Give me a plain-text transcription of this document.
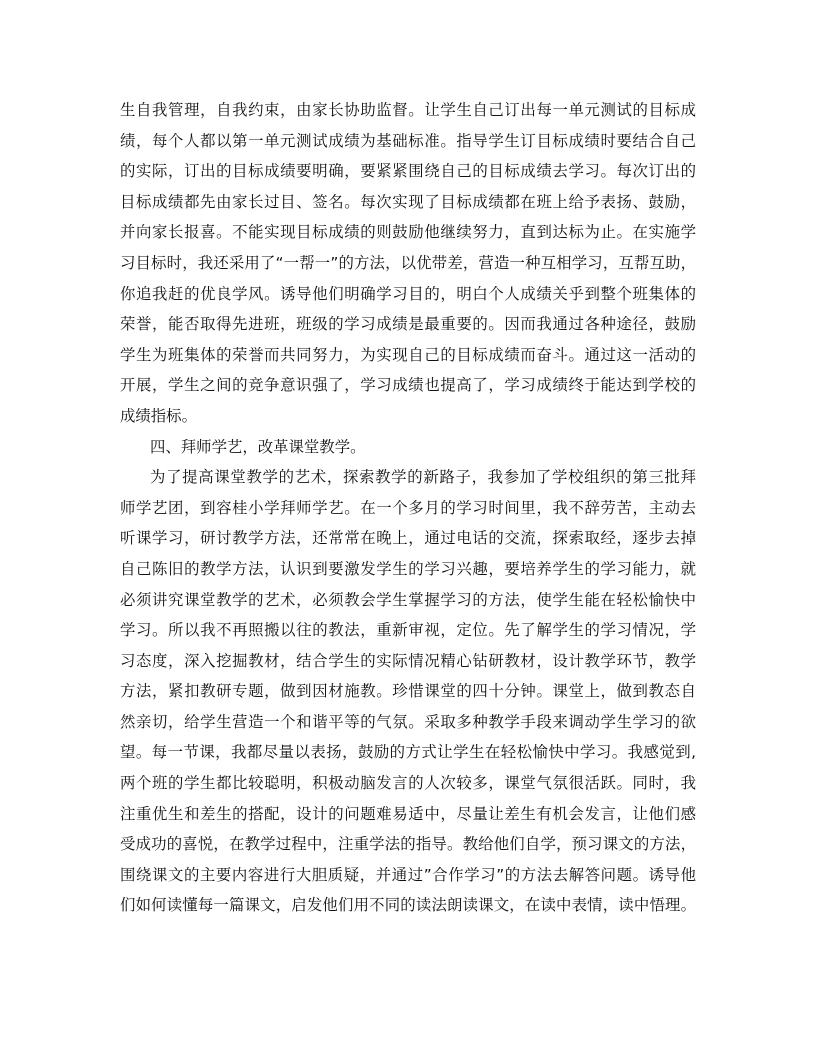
生自我管理，自我约束，由家长协助监督。让学生自己订出每一单元测试的目标成
绩，每个人都以第一单元测试成绩为基础标准。指导学生订目标成绩时要结合自己
的实际，订出的目标成绩要明确，要紧紧围绕自己的目标成绩去学习。每次订出的
目标成绩都先由家长过目、签名。每次实现了目标成绩都在班上给予表扬、鼓励，
并向家长报喜。不能实现目标成绩的则鼓励他继续努力，直到达标为止。在实施学
习目标时，我还采用了“一帮一”的方法，以优带差，营造一种互相学习，互帮互助，
你追我赶的优良学风。诱导他们明确学习目的，明白个人成绩关乎到整个班集体的
荣誉，能否取得先进班，班级的学习成绩是最重要的。因而我通过各种途径，鼓励
学生为班集体的荣誉而共同努力，为实现自己的目标成绩而奋斗。通过这一活动的
开展，学生之间的竞争意识强了，学习成绩也提高了，学习成绩终于能达到学校的
成绩指标。
四、拜师学艺，改革课堂教学。
为了提高课堂教学的艺术，探索教学的新路子，我参加了学校组织的第三批拜
师学艺团，到容桂小学拜师学艺。在一个多月的学习时间里，我不辞劳苦，主动去
听课学习，研讨教学方法，还常常在晚上，通过电话的交流，探索取经，逐步去掉
自己陈旧的教学方法，认识到要激发学生的学习兴趣，要培养学生的学习能力，就
必须讲究课堂教学的艺术，必须教会学生掌握学习的方法，使学生能在轻松愉快中
学习。所以我不再照搬以往的教法，重新审视，定位。先了解学生的学习情况，学
习态度，深入挖掘教材，结合学生的实际情况精心钻研教材，设计教学环节，教学
方法，紧扣教研专题，做到因材施教。珍惜课堂的四十分钟。课堂上，做到教态自
然亲切，给学生营造一个和谐平等的气氛。采取多种教学手段来调动学生学习的欲
望。每一节课，我都尽量以表扬，鼓励的方式让学生在轻松愉快中学习。我感觉到,
两个班的学生都比较聪明，积极动脑发言的人次较多，课堂气氛很活跃。同时，我
注重优生和差生的搭配，设计的问题难易适中，尽量让差生有机会发言，让他们感
受成功的喜悦，在教学过程中，注重学法的指导。教给他们自学，预习课文的方法，
围绕课文的主要内容进行大胆质疑，并通过”合作学习”的方法去解答问题。诱导他
们如何读懂每一篇课文，启发他们用不同的读法朗读课文，在读中表情，读中悟理。
